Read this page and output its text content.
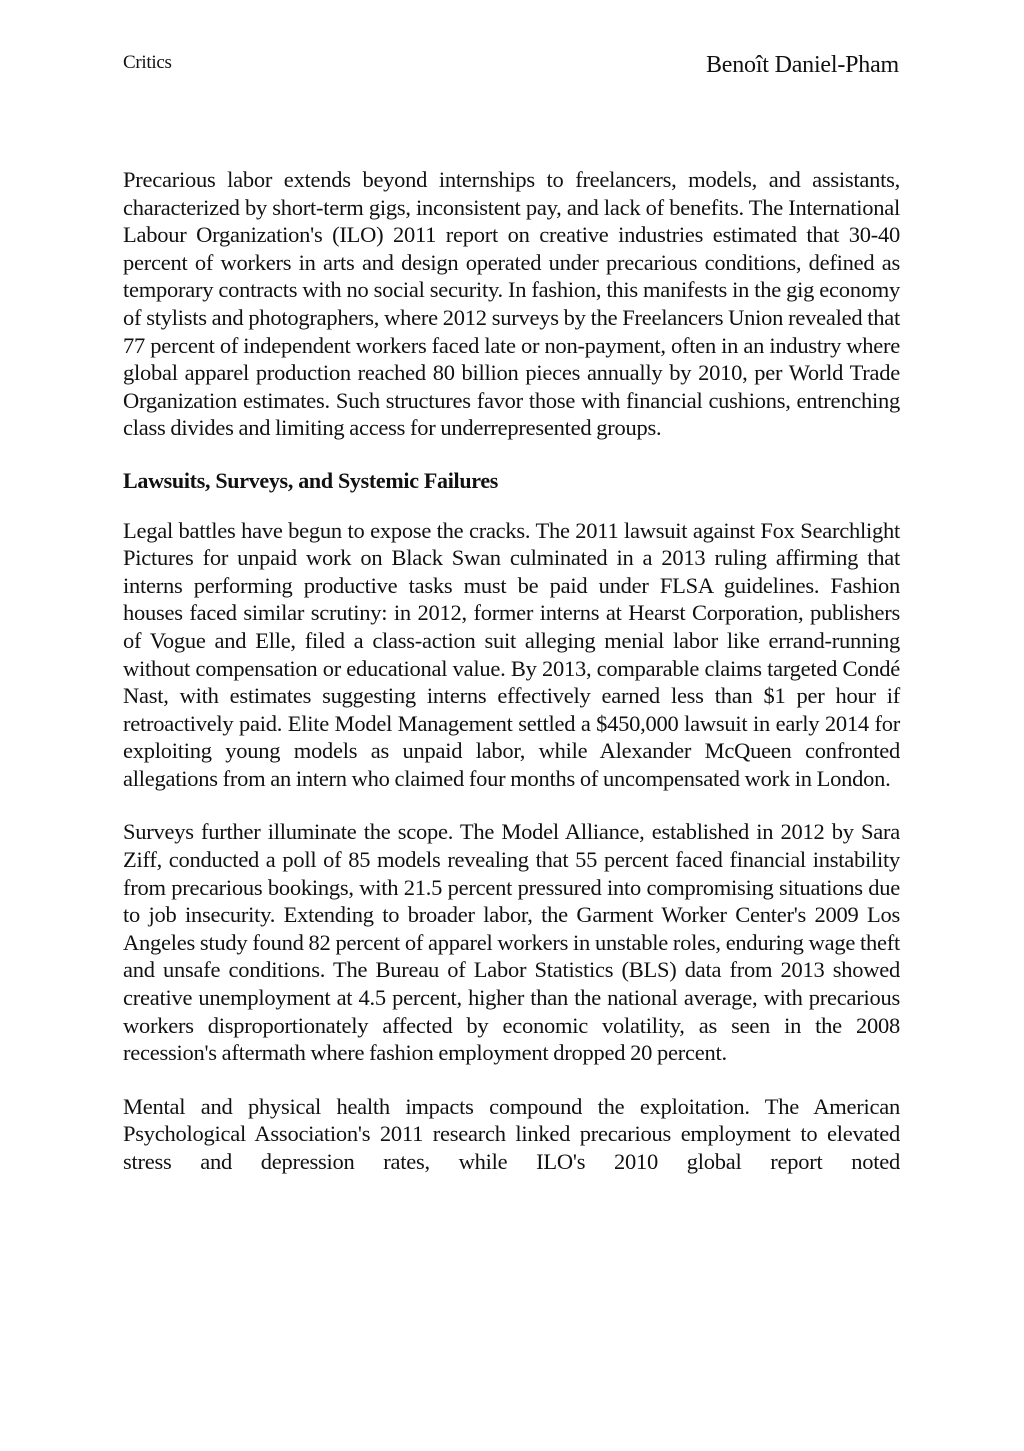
Critics	Benoît Daniel-Pham

Precarious labor extends beyond internships to freelancers, models, and assistants, characterized by short-term gigs, inconsistent pay, and lack of benefits. The International Labour Organization's (ILO) 2011 report on creative industries estimated that 30-40 percent of workers in arts and design operated under precarious conditions, defined as temporary contracts with no social security. In fashion, this manifests in the gig economy of stylists and photographers, where 2012 surveys by the Freelancers Union revealed that 77 percent of independent workers faced late or non-payment, often in an industry where global apparel production reached 80 billion pieces annually by 2010, per World Trade Organization estimates. Such structures favor those with financial cushions, entrenching class divides and limiting access for underrepresented groups.

Lawsuits, Surveys, and Systemic Failures

Legal battles have begun to expose the cracks. The 2011 lawsuit against Fox Searchlight Pictures for unpaid work on Black Swan culminated in a 2013 ruling affirming that interns performing productive tasks must be paid under FLSA guidelines. Fashion houses faced similar scrutiny: in 2012, former interns at Hearst Corporation, publishers of Vogue and Elle, filed a class-action suit alleging menial labor like errand-running without compensation or educational value. By 2013, comparable claims targeted Condé Nast, with estimates suggesting interns effectively earned less than $1 per hour if retroactively paid. Elite Model Management settled a $450,000 lawsuit in early 2014 for exploiting young models as unpaid labor, while Alexander McQueen confronted allegations from an intern who claimed four months of uncompensated work in London.

Surveys further illuminate the scope. The Model Alliance, established in 2012 by Sara Ziff, conducted a poll of 85 models revealing that 55 percent faced financial instability from precarious bookings, with 21.5 percent pressured into compromising situations due to job insecurity. Extending to broader labor, the Garment Worker Center's 2009 Los Angeles study found 82 percent of apparel workers in unstable roles, enduring wage theft and unsafe conditions. The Bureau of Labor Statistics (BLS) data from 2013 showed creative unemployment at 4.5 percent, higher than the national average, with precarious workers disproportionately affected by economic volatility, as seen in the 2008 recession's aftermath where fashion employment dropped 20 percent.

Mental and physical health impacts compound the exploitation. The American Psychological Association's 2011 research linked precarious employment to elevated stress and depression rates, while ILO's 2010 global report noted
